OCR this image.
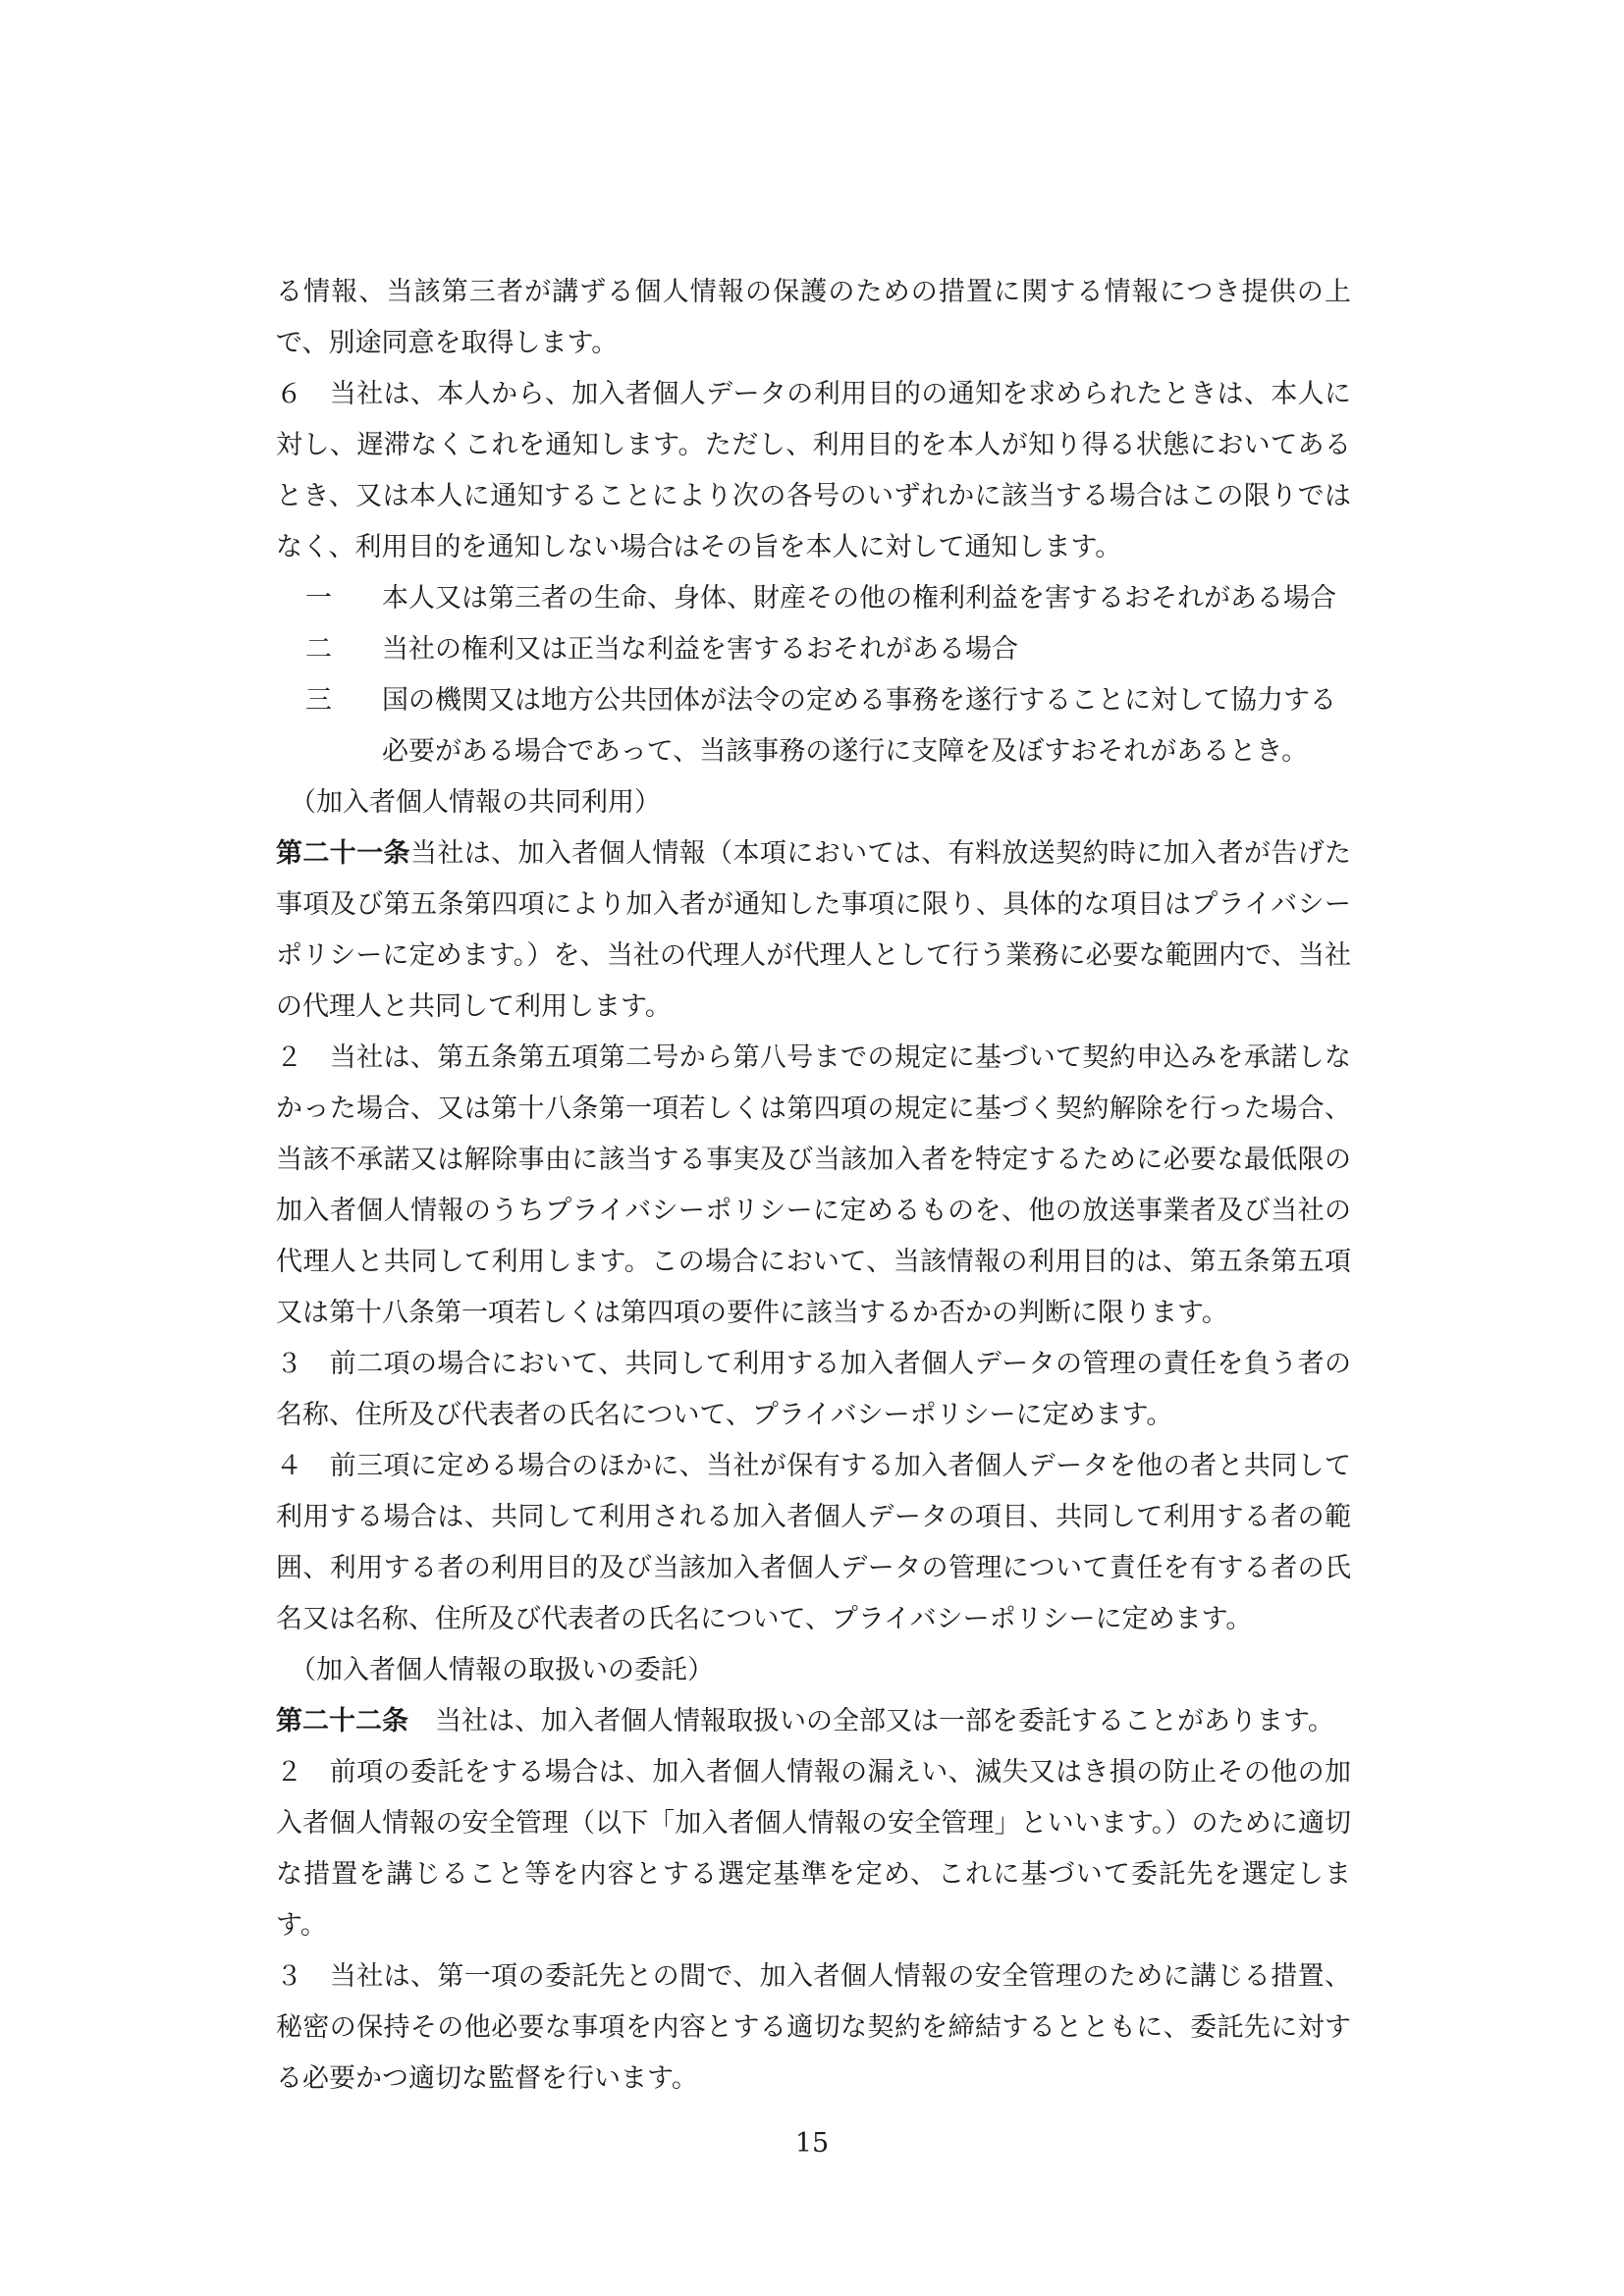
る情報、当該第三者が講ずる個人情報の保護のための措置に関する情報につき提供の上で、別途同意を取得します。

６　当社は、本人から、加入者個人データの利用目的の通知を求められたときは、本人に対し、遅滞なくこれを通知します。ただし、利用目的を本人が知り得る状態においてあるとき、又は本人に通知することにより次の各号のいずれかに該当する場合はこの限りではなく、利用目的を通知しない場合はその旨を本人に対して通知します。

一	本人又は第三者の生命、身体、財産その他の権利利益を害するおそれがある場合
二	当社の権利又は正当な利益を害するおそれがある場合
三	国の機関又は地方公共団体が法令の定める事務を遂行することに対して協力する必要がある場合であって、当該事務の遂行に支障を及ぼすおそれがあるとき。

（加入者個人情報の共同利用）

第二十一条当社は、加入者個人情報（本項においては、有料放送契約時に加入者が告げた事項及び第五条第四項により加入者が通知した事項に限り、具体的な項目はプライバシーポリシーに定めます。）を、当社の代理人が代理人として行う業務に必要な範囲内で、当社の代理人と共同して利用します。

２　当社は、第五条第五項第二号から第八号までの規定に基づいて契約申込みを承諾しなかった場合、又は第十八条第一項若しくは第四項の規定に基づく契約解除を行った場合、当該不承諾又は解除事由に該当する事実及び当該加入者を特定するために必要な最低限の加入者個人情報のうちプライバシーポリシーに定めるものを、他の放送事業者及び当社の代理人と共同して利用します。この場合において、当該情報の利用目的は、第五条第五項又は第十八条第一項若しくは第四項の要件に該当するか否かの判断に限ります。

３　前二項の場合において、共同して利用する加入者個人データの管理の責任を負う者の名称、住所及び代表者の氏名について、プライバシーポリシーに定めます。

４　前三項に定める場合のほかに、当社が保有する加入者個人データを他の者と共同して利用する場合は、共同して利用される加入者個人データの項目、共同して利用する者の範囲、利用する者の利用目的及び当該加入者個人データの管理について責任を有する者の氏名又は名称、住所及び代表者の氏名について、プライバシーポリシーに定めます。

（加入者個人情報の取扱いの委託）

第二十二条　当社は、加入者個人情報取扱いの全部又は一部を委託することがあります。

２　前項の委託をする場合は、加入者個人情報の漏えい、滅失又はき損の防止その他の加入者個人情報の安全管理（以下「加入者個人情報の安全管理」といいます。）のために適切な措置を講じること等を内容とする選定基準を定め、これに基づいて委託先を選定します。

３　当社は、第一項の委託先との間で、加入者個人情報の安全管理のために講じる措置、秘密の保持その他必要な事項を内容とする適切な契約を締結するとともに、委託先に対する必要かつ適切な監督を行います。

15
